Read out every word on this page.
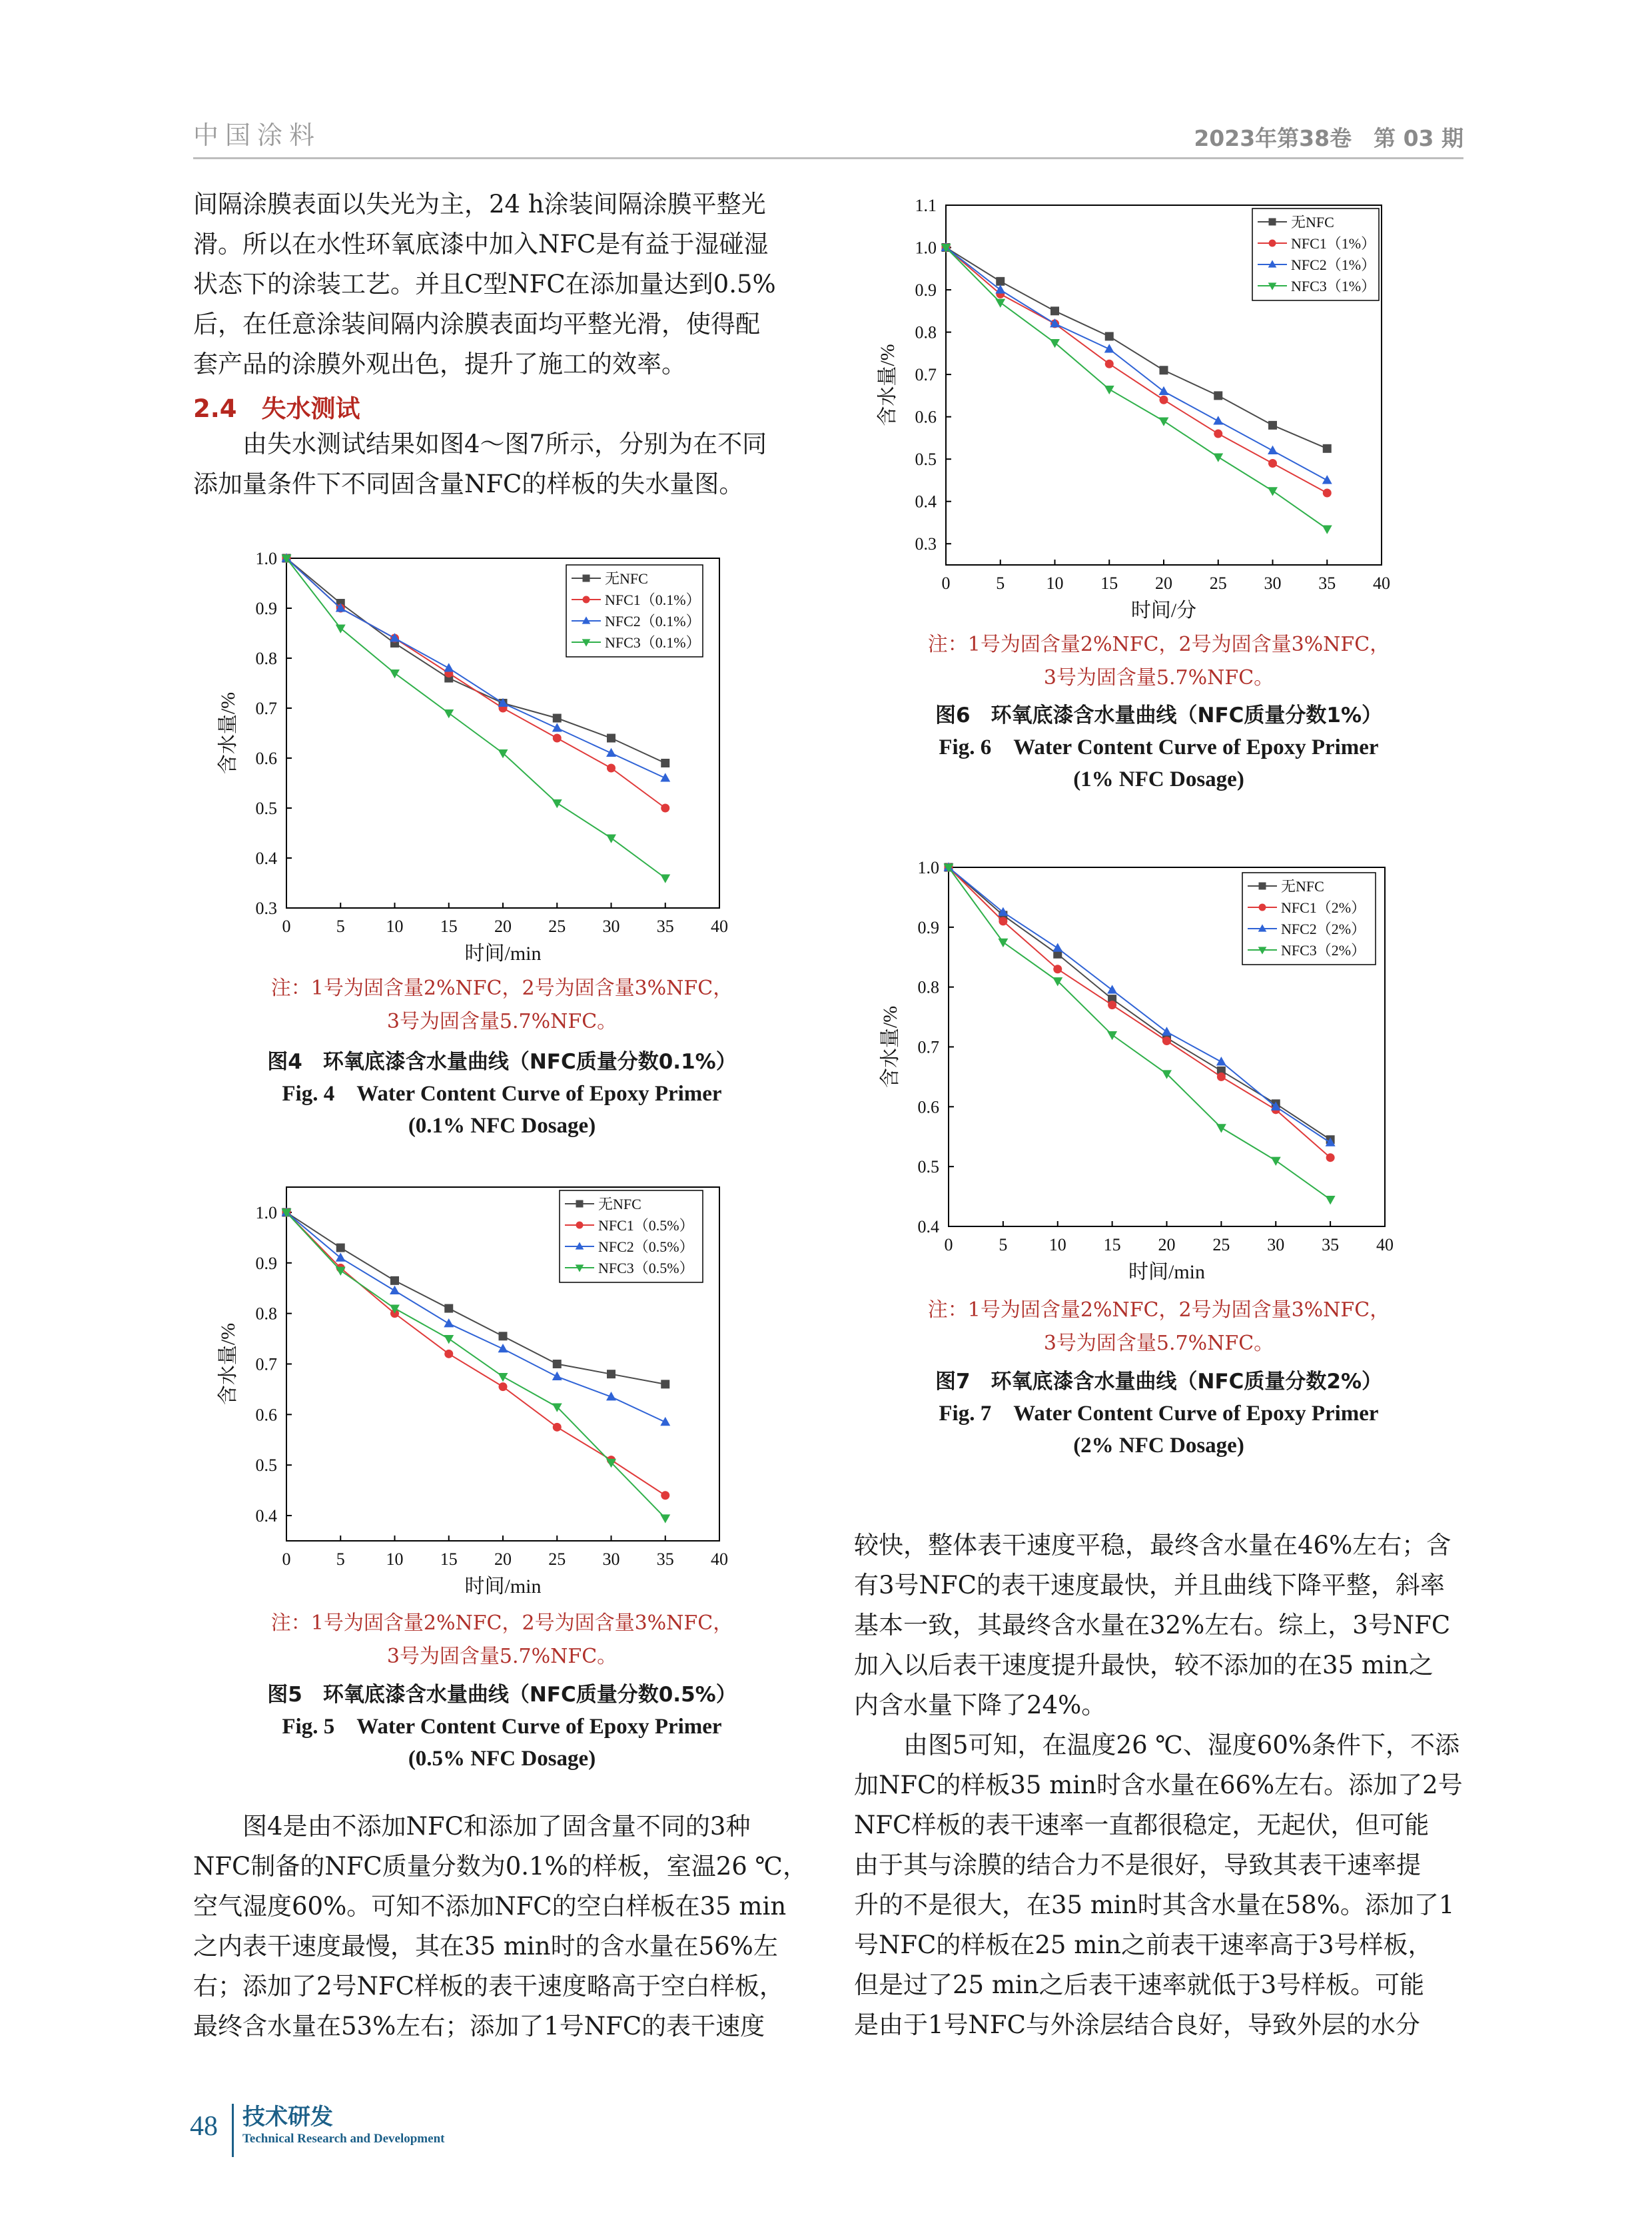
中国涂料	2023年第38卷　第 03 期

间隔涂膜表面以失光为主，24 h涂装间隔涂膜平整光

滑。所以在水性环氧底漆中加入NFC是有益于湿碰湿

状态下的涂装工艺。并且C型NFC在添加量达到0.5%

后，在任意涂装间隔内涂膜表面均平整光滑，使得配

套产品的涂膜外观出色，提升了施工的效率。

2.4　失水测试

由失水测试结果如图4～图7所示，分别为在不同

添加量条件下不同固含量NFC的样板的失水量图。

0	5 10 15 20 25 30 35 40
0.3
0.4
0.5
0.6
0.7
0.8
0.9
1.0
时间/min
含水量/%
无NFC
NFC1（0.1%）
NFC2（0.1%）
NFC3（0.1%）
注：1号为固含量2%NFC，2号为固含量3%NFC，
3号为固含量5.7%NFC。
图4　环氧底漆含水量曲线（NFC质量分数0.1%）
Fig. 4　Water Content Curve of Epoxy Primer
(0.1% NFC Dosage)
0	5 10 15 20 25 30 35 40
0.4
0.5
0.6
0.7
0.8
0.9
1.0
时间/min
含水量/%
无NFC
NFC1（0.5%）
NFC2（0.5%）
NFC3（0.5%）
注：1号为固含量2%NFC，2号为固含量3%NFC，
3号为固含量5.7%NFC。
图5　环氧底漆含水量曲线（NFC质量分数0.5%）
Fig. 5　Water Content Curve of Epoxy Primer
(0.5% NFC Dosage)

图4是由不添加NFC和添加了固含量不同的3种

NFC制备的NFC质量分数为0.1%的样板，室温26 ℃，

空气湿度60%。可知不添加NFC的空白样板在35 min

之内表干速度最慢，其在35 min时的含水量在56%左

右；添加了2号NFC样板的表干速度略高于空白样板，

最终含水量在53%左右；添加了1号NFC的表干速度

0	5 10 15 20 25 30 35 40
0.3
0.4
0.5
0.6
0.7
0.8
0.9
1.0
1.1
时间/分
含水量/%
无NFC
NFC1（1%）
NFC2（1%）
NFC3（1%）
注：1号为固含量2%NFC，2号为固含量3%NFC，
3号为固含量5.7%NFC。
图6　环氧底漆含水量曲线（NFC质量分数1%）
Fig. 6　Water Content Curve of Epoxy Primer
(1% NFC Dosage)
0	5 10 15 20 25 30 35 40
0.4
0.5
0.6
0.7
0.8
0.9
1.0
时间/min
含水量/%
无NFC
NFC1（2%）
NFC2（2%）
NFC3（2%）
注：1号为固含量2%NFC，2号为固含量3%NFC，
3号为固含量5.7%NFC。
图7　环氧底漆含水量曲线（NFC质量分数2%）
Fig. 7　Water Content Curve of Epoxy Primer
(2% NFC Dosage)

较快，整体表干速度平稳，最终含水量在46%左右；含

有3号NFC的表干速度最快，并且曲线下降平整，斜率

基本一致，其最终含水量在32%左右。综上，3号NFC

加入以后表干速度提升最快，较不添加的在35 min之

内含水量下降了24%。

由图5可知，在温度26 ℃、湿度60%条件下，不添

加NFC的样板35 min时含水量在66%左右。添加了2号

NFC样板的表干速率一直都很稳定，无起伏，但可能

由于其与涂膜的结合力不是很好，导致其表干速率提

升的不是很大，在35 min时其含水量在58%。添加了1

号NFC的样板在25 min之前表干速率高于3号样板，

但是过了25 min之后表干速率就低于3号样板。可能

是由于1号NFC与外涂层结合良好，导致外层的水分

48 技术研发
Technical Research and Development
